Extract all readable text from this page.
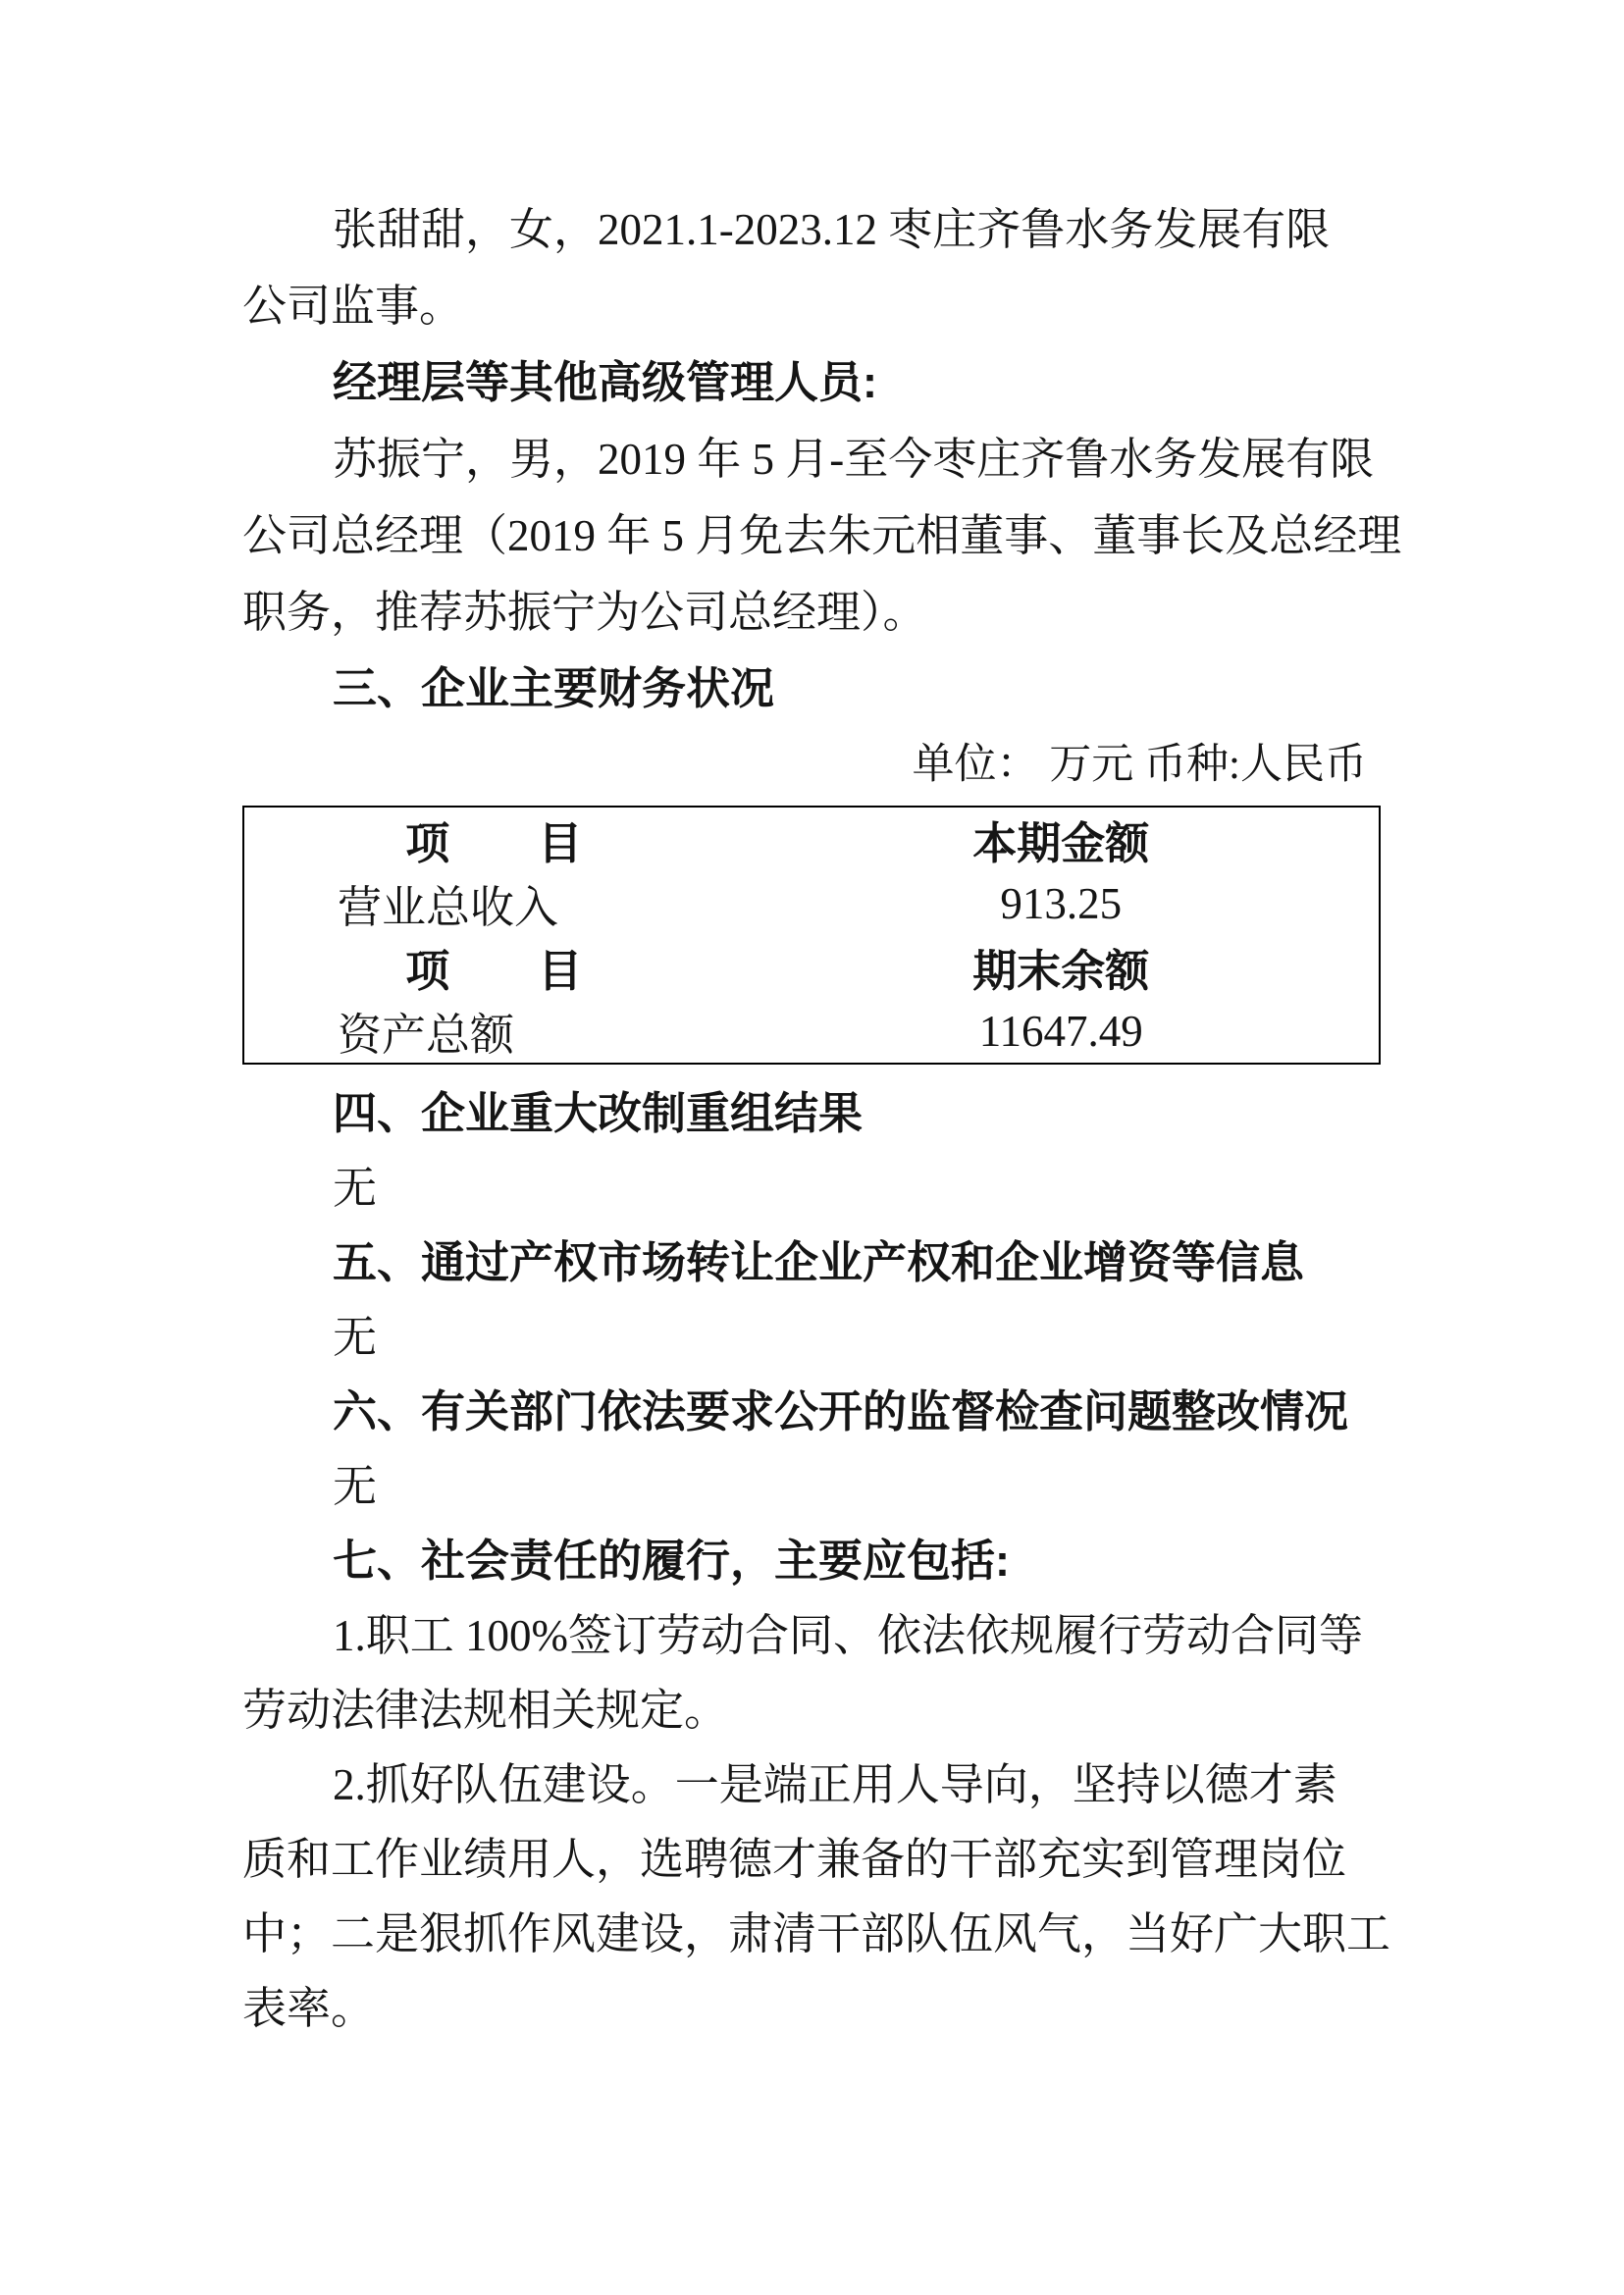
张甜甜，女，2021.1-2023.12 枣庄齐鲁水务发展有限

公司监事。

经理层等其他高级管理人员:

苏振宁，男，2019 年 5 月-至今枣庄齐鲁水务发展有限

公司总经理（2019 年 5 月免去朱元相董事、董事长及总经理

职务，推荐苏振宁为公司总经理）。

三、企业主要财务状况

单位： 万元 币种:人民币

项　　目	本期金额
营业总收入	913.25
项　　目	期末余额
资产总额	11647.49

四、企业重大改制重组结果

无

五、通过产权市场转让企业产权和企业增资等信息

无

六、有关部门依法要求公开的监督检查问题整改情况

无

七、社会责任的履行，主要应包括:

1.职工 100%签订劳动合同、依法依规履行劳动合同等

劳动法律法规相关规定。

2.抓好队伍建设。一是端正用人导向，坚持以德才素

质和工作业绩用人，选聘德才兼备的干部充实到管理岗位

中；二是狠抓作风建设，肃清干部队伍风气，当好广大职工

表率。
